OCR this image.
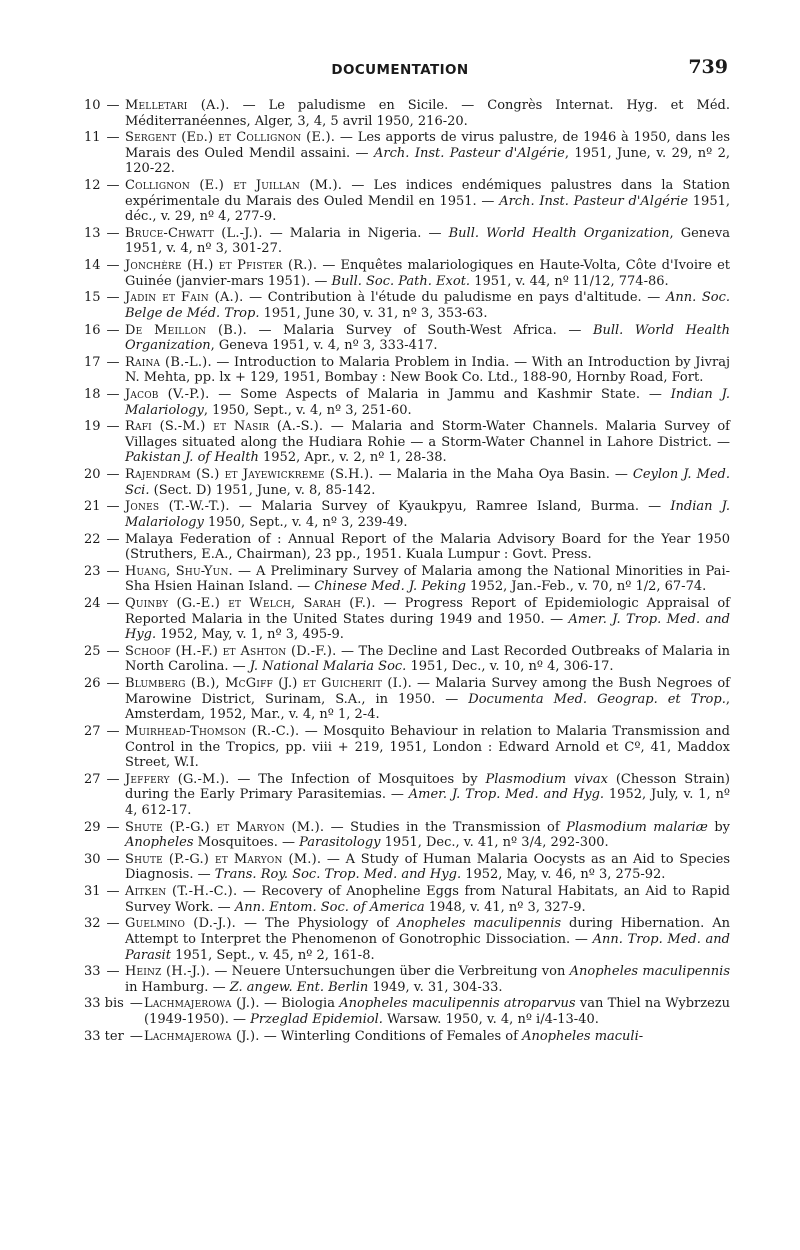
DOCUMENTATION	739
10 — Melletari (A.). — Le paludisme en Sicile. — Congrès Internat. Hyg. et Méd. Méditerranéennes, Alger, 3, 4, 5 avril 1950, 216-20.
11 — Sergent (Ed.) et Collignon (E.). — Les apports de virus palustre, de 1946 à 1950, dans les Marais des Ouled Mendil assaini. — Arch. Inst. Pasteur d'Algérie, 1951, June, v. 29, nº 2, 120-22.
12 — Collignon (E.) et Juillan (M.). — Les indices endémiques palustres dans la Station expérimentale du Marais des Ouled Mendil en 1951. — Arch. Inst. Pasteur d'Algérie 1951, déc., v. 29, nº 4, 277-9.
13 — Bruce-Chwatt (L.-J.). — Malaria in Nigeria. — Bull. World Health Organization, Geneva 1951, v. 4, nº 3, 301-27.
14 — Jonchère (H.) et Pfister (R.). — Enquêtes malariologiques en Haute-Volta, Côte d'Ivoire et Guinée (janvier-mars 1951). — Bull. Soc. Path. Exot. 1951, v. 44, nº 11/12, 774-86.
15 — Jadin et Fain (A.). — Contribution à l'étude du paludisme en pays d'altitude. — Ann. Soc. Belge de Méd. Trop. 1951, June 30, v. 31, nº 3, 353-63.
16 — De Meillon (B.). — Malaria Survey of South-West Africa. — Bull. World Health Organization, Geneva 1951, v. 4, nº 3, 333-417.
17 — Raina (B.-L.). — Introduction to Malaria Problem in India. — With an Introduction by Jivraj N. Mehta, pp. lx + 129, 1951, Bombay : New Book Co. Ltd., 188-90, Hornby Road, Fort.
18 — Jacob (V.-P.). — Some Aspects of Malaria in Jammu and Kashmir State. — Indian J. Malariology, 1950, Sept., v. 4, nº 3, 251-60.
19 — Rafi (S.-M.) et Nasir (A.-S.). — Malaria and Storm-Water Channels. Malaria Survey of Villages situated along the Hudiara Rohie — a Storm-Water Channel in Lahore District. — Pakistan J. of Health 1952, Apr., v. 2, nº 1, 28-38.
20 — Rajendram (S.) et Jayewickreme (S.H.). — Malaria in the Maha Oya Basin. — Ceylon J. Med. Sci. (Sect. D) 1951, June, v. 8, 85-142.
21 — Jones (T.-W.-T.). — Malaria Survey of Kyaukpyu, Ramree Island, Burma. — Indian J. Malariology 1950, Sept., v. 4, nº 3, 239-49.
22 — Malaya Federation of : Annual Report of the Malaria Advisory Board for the Year 1950 (Struthers, E.A., Chairman), 23 pp., 1951. Kuala Lumpur : Govt. Press.
23 — Huang, Shu-Yun. — A Preliminary Survey of Malaria among the National Minorities in Pai-Sha Hsien Hainan Island. — Chinese Med. J. Peking 1952, Jan.-Feb., v. 70, nº 1/2, 67-74.
24 — Quinby (G.-E.) et Welch, Sarah (F.). — Progress Report of Epidemiologic Appraisal of Reported Malaria in the United States during 1949 and 1950. — Amer. J. Trop. Med. and Hyg. 1952, May, v. 1, nº 3, 495-9.
25 — Schoof (H.-F.) et Ashton (D.-F.). — The Decline and Last Recorded Outbreaks of Malaria in North Carolina. — J. National Malaria Soc. 1951, Dec., v. 10, nº 4, 306-17.
26 — Blumberg (B.), McGiff (J.) et Guicherit (I.). — Malaria Survey among the Bush Negroes of Marowine District, Surinam, S.A., in 1950. — Documenta Med. Geograp. et Trop., Amsterdam, 1952, Mar., v. 4, nº 1, 2-4.
27 — Muirhead-Thomson (R.-C.). — Mosquito Behaviour in relation to Malaria Transmission and Control in the Tropics, pp. viii + 219, 1951, London : Edward Arnold et Cº, 41, Maddox Street, W.I.
27 — Jeffery (G.-M.). — The Infection of Mosquitoes by Plasmodium vivax (Chesson Strain) during the Early Primary Parasitemias. — Amer. J. Trop. Med. and Hyg. 1952, July, v. 1, nº 4, 612-17.
29 — Shute (P.-G.) et Maryon (M.). — Studies in the Transmission of Plasmodium malariæ by Anopheles Mosquitoes. — Parasitology 1951, Dec., v. 41, nº 3/4, 292-300.
30 — Shute (P.-G.) et Maryon (M.). — A Study of Human Malaria Oocysts as an Aid to Species Diagnosis. — Trans. Roy. Soc. Trop. Med. and Hyg. 1952, May, v. 46, nº 3, 275-92.
31 — Aitken (T.-H.-C.). — Recovery of Anopheline Eggs from Natural Habitats, an Aid to Rapid Survey Work. — Ann. Entom. Soc. of America 1948, v. 41, nº 3, 327-9.
32 — Guelmino (D.-J.). — The Physiology of Anopheles maculipennis during Hibernation. An Attempt to Interpret the Phenomenon of Gonotrophic Dissociation. — Ann. Trop. Med. and Parasit 1951, Sept., v. 45, nº 2, 161-8.
33 — Heinz (H.-J.). — Neuere Untersuchungen über die Verbreitung von Anopheles maculipennis in Hamburg. — Z. angew. Ent. Berlin 1949, v. 31, 304-33.
33 bis — Lachmajerowa (J.). — Biologia Anopheles maculipennis atroparvus van Thiel na Wybrzezu (1949-1950). — Przeglad Epidemiol. Warsaw. 1950, v. 4, nº i/4-13-40.
33 ter — Lachmajerowa (J.). — Winterling Conditions of Females of Anopheles maculi-
